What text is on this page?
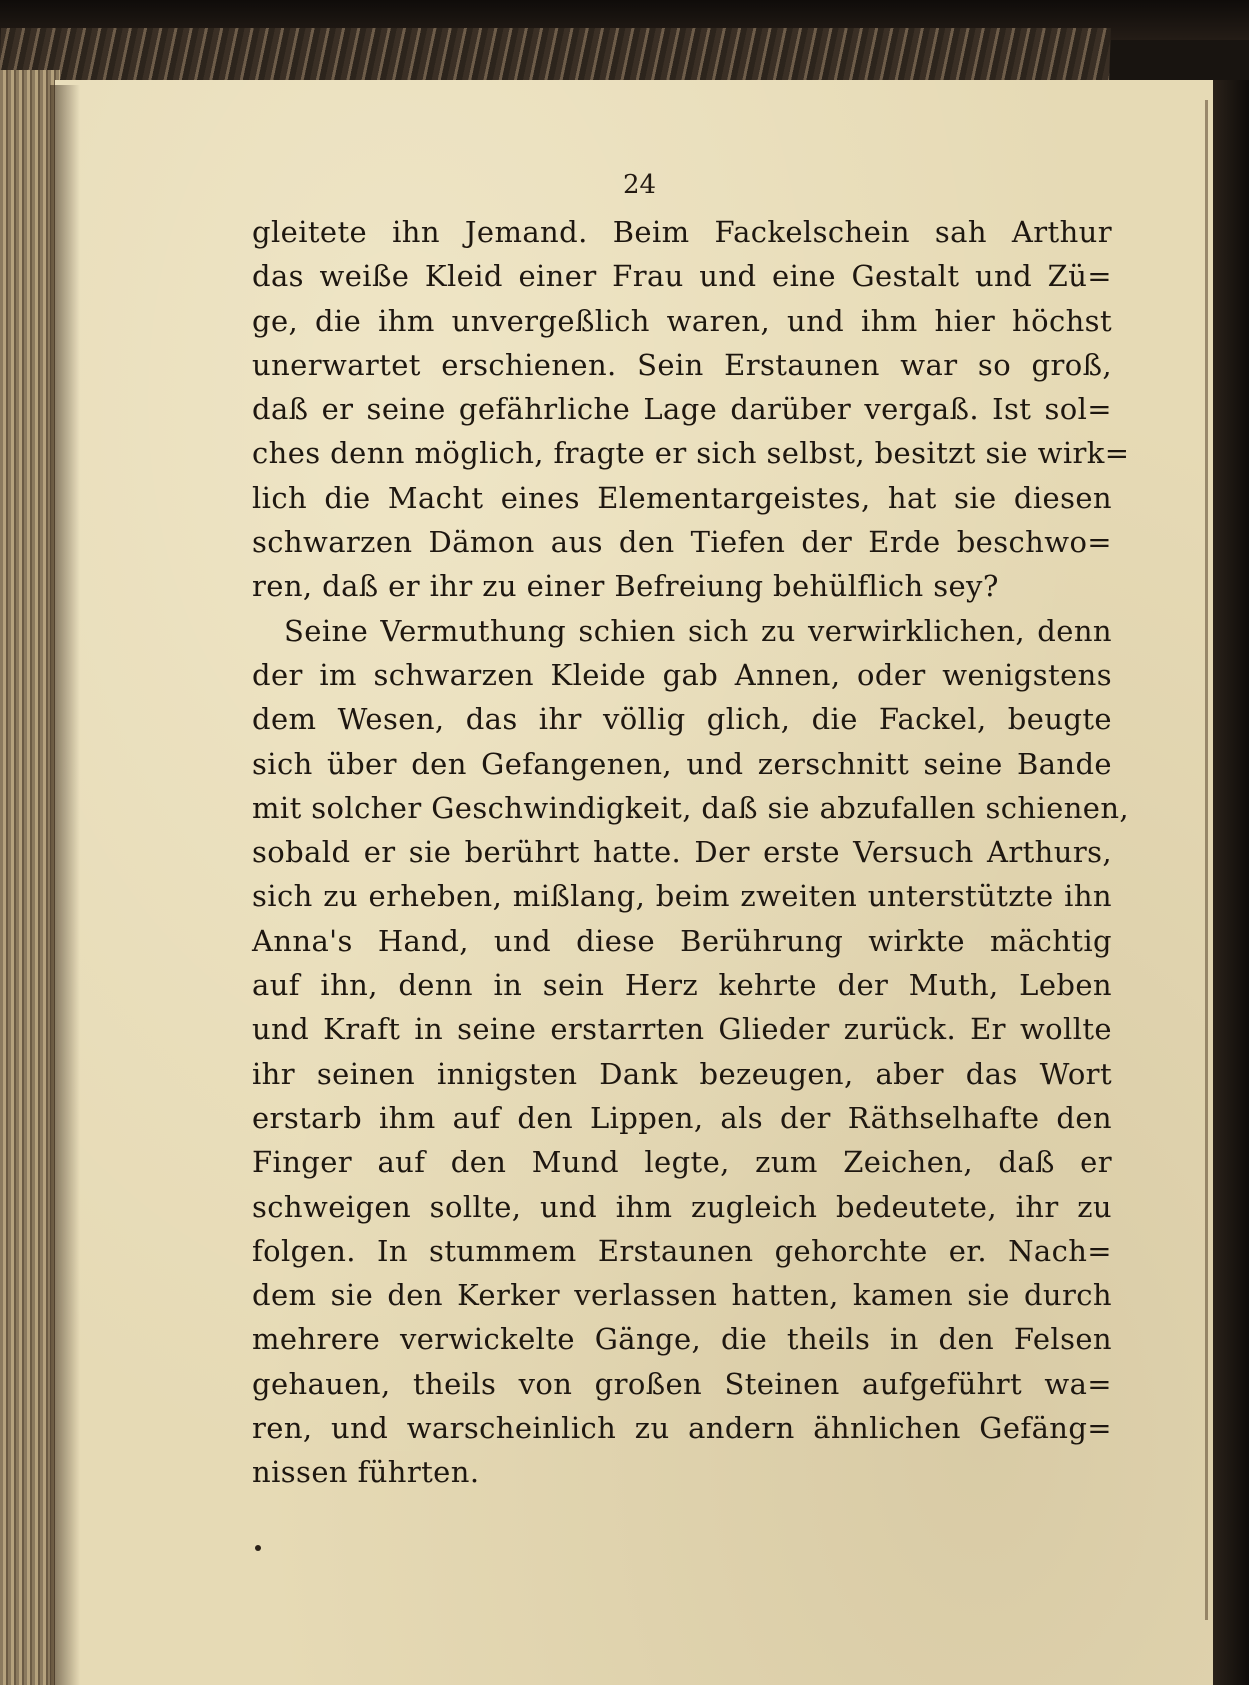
24
gleitete ihn Jemand. Beim Fackelschein sah Arthur
das weiße Kleid einer Frau und eine Gestalt und Zü=
ge, die ihm unvergeßlich waren, und ihm hier höchst
unerwartet erschienen. Sein Erstaunen war so groß,
daß er seine gefährliche Lage darüber vergaß. Ist sol=
ches denn möglich, fragte er sich selbst, besitzt sie wirk=
lich die Macht eines Elementargeistes, hat sie diesen
schwarzen Dämon aus den Tiefen der Erde beschwo=
ren, daß er ihr zu einer Befreiung behülflich sey?
Seine Vermuthung schien sich zu verwirklichen, denn
der im schwarzen Kleide gab Annen, oder wenigstens
dem Wesen, das ihr völlig glich, die Fackel, beugte
sich über den Gefangenen, und zerschnitt seine Bande
mit solcher Geschwindigkeit, daß sie abzufallen schienen,
sobald er sie berührt hatte. Der erste Versuch Arthurs,
sich zu erheben, mißlang, beim zweiten unterstützte ihn
Anna's Hand, und diese Berührung wirkte mächtig
auf ihn, denn in sein Herz kehrte der Muth, Leben
und Kraft in seine erstarrten Glieder zurück. Er wollte
ihr seinen innigsten Dank bezeugen, aber das Wort
erstarb ihm auf den Lippen, als der Räthselhafte den
Finger auf den Mund legte, zum Zeichen, daß er
schweigen sollte, und ihm zugleich bedeutete, ihr zu
folgen. In stummem Erstaunen gehorchte er. Nach=
dem sie den Kerker verlassen hatten, kamen sie durch
mehrere verwickelte Gänge, die theils in den Felsen
gehauen, theils von großen Steinen aufgeführt wa=
ren, und warscheinlich zu andern ähnlichen Gefäng=
nissen führten.
